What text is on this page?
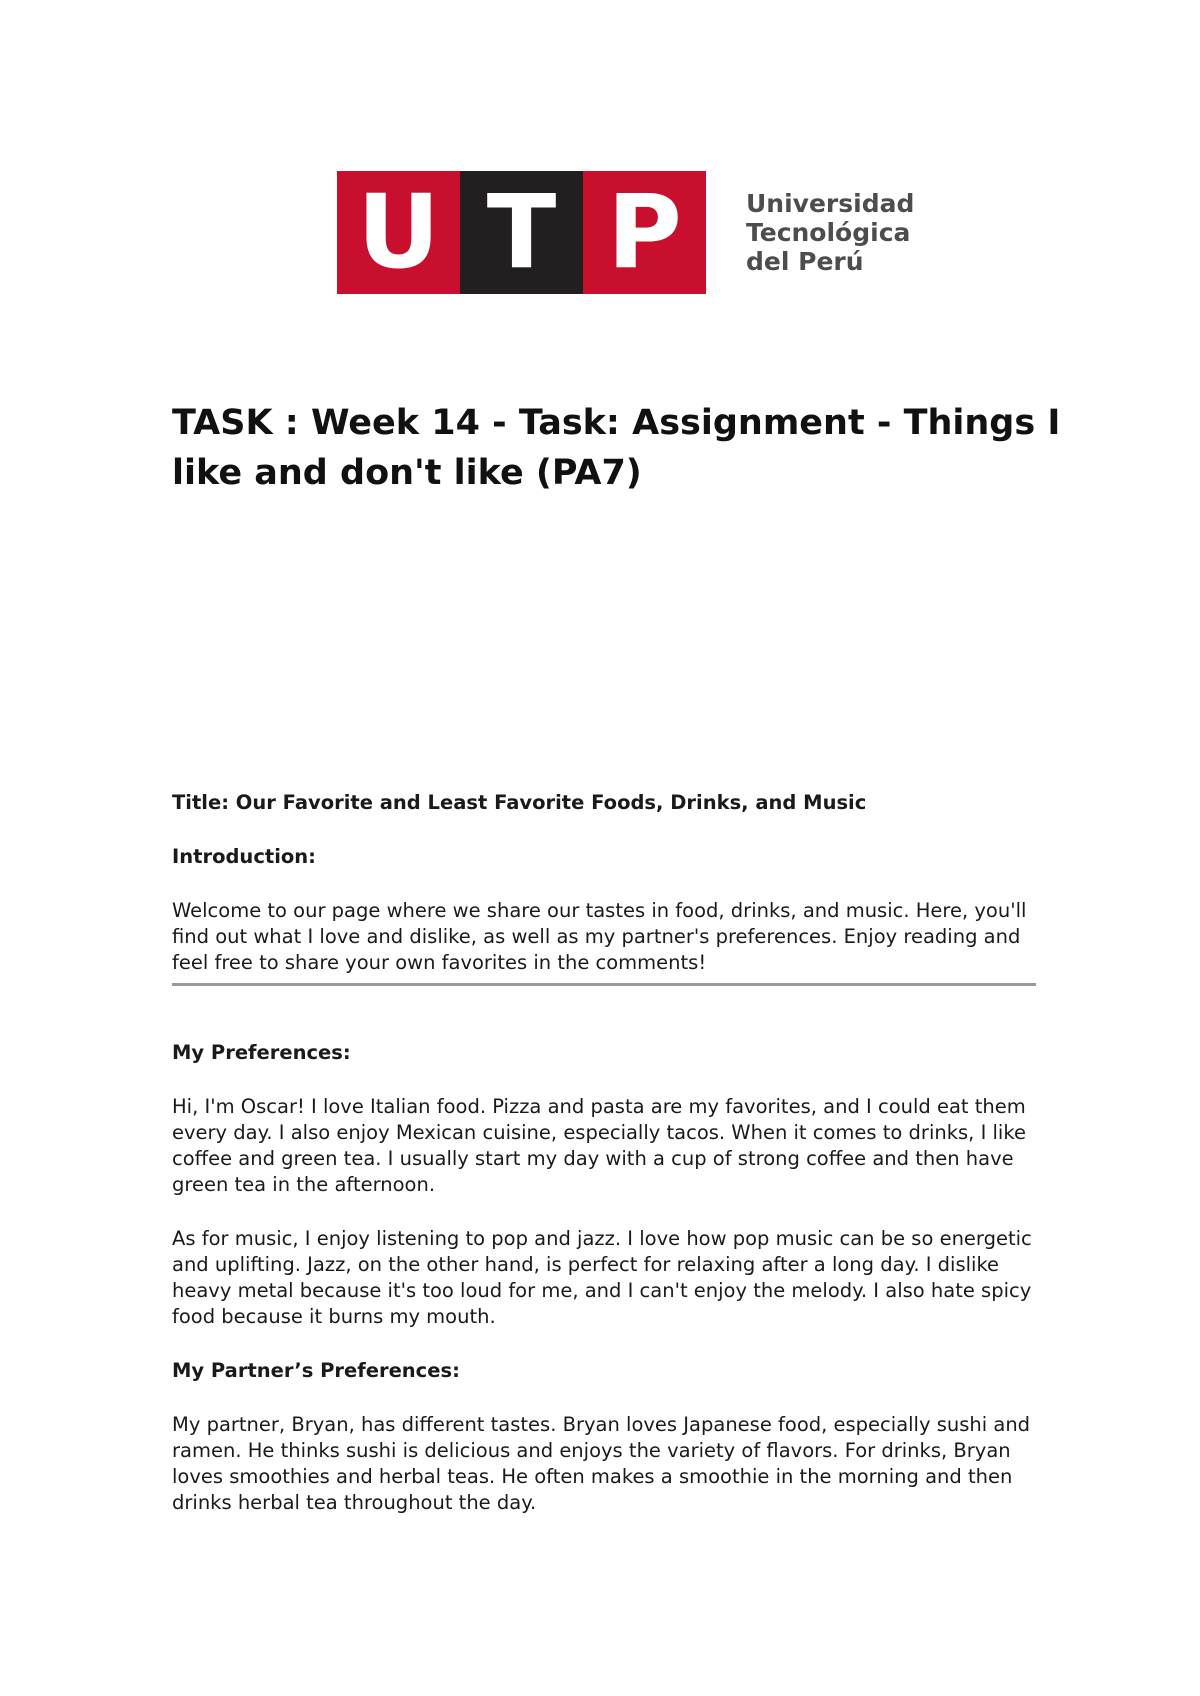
U T P	Universidad
Tecnológica
del Perú
TASK : Week 14 - Task: Assignment - Things I like and don't like (PA7)

Title: Our Favorite and Least Favorite Foods, Drinks, and Music

Introduction:

Welcome to our page where we share our tastes in food, drinks, and music. Here, you'll find out what I love and dislike, as well as my partner's preferences. Enjoy reading and feel free to share your own favorites in the comments!

My Preferences:

Hi, I'm Oscar! I love Italian food. Pizza and pasta are my favorites, and I could eat them every day. I also enjoy Mexican cuisine, especially tacos. When it comes to drinks, I like coffee and green tea. I usually start my day with a cup of strong coffee and then have green tea in the afternoon.

As for music, I enjoy listening to pop and jazz. I love how pop music can be so energetic and uplifting. Jazz, on the other hand, is perfect for relaxing after a long day. I dislike heavy metal because it's too loud for me, and I can't enjoy the melody. I also hate spicy food because it burns my mouth.

My Partner’s Preferences:

My partner, Bryan, has different tastes. Bryan loves Japanese food, especially sushi and ramen. He thinks sushi is delicious and enjoys the variety of flavors. For drinks, Bryan loves smoothies and herbal teas. He often makes a smoothie in the morning and then drinks herbal tea throughout the day.
